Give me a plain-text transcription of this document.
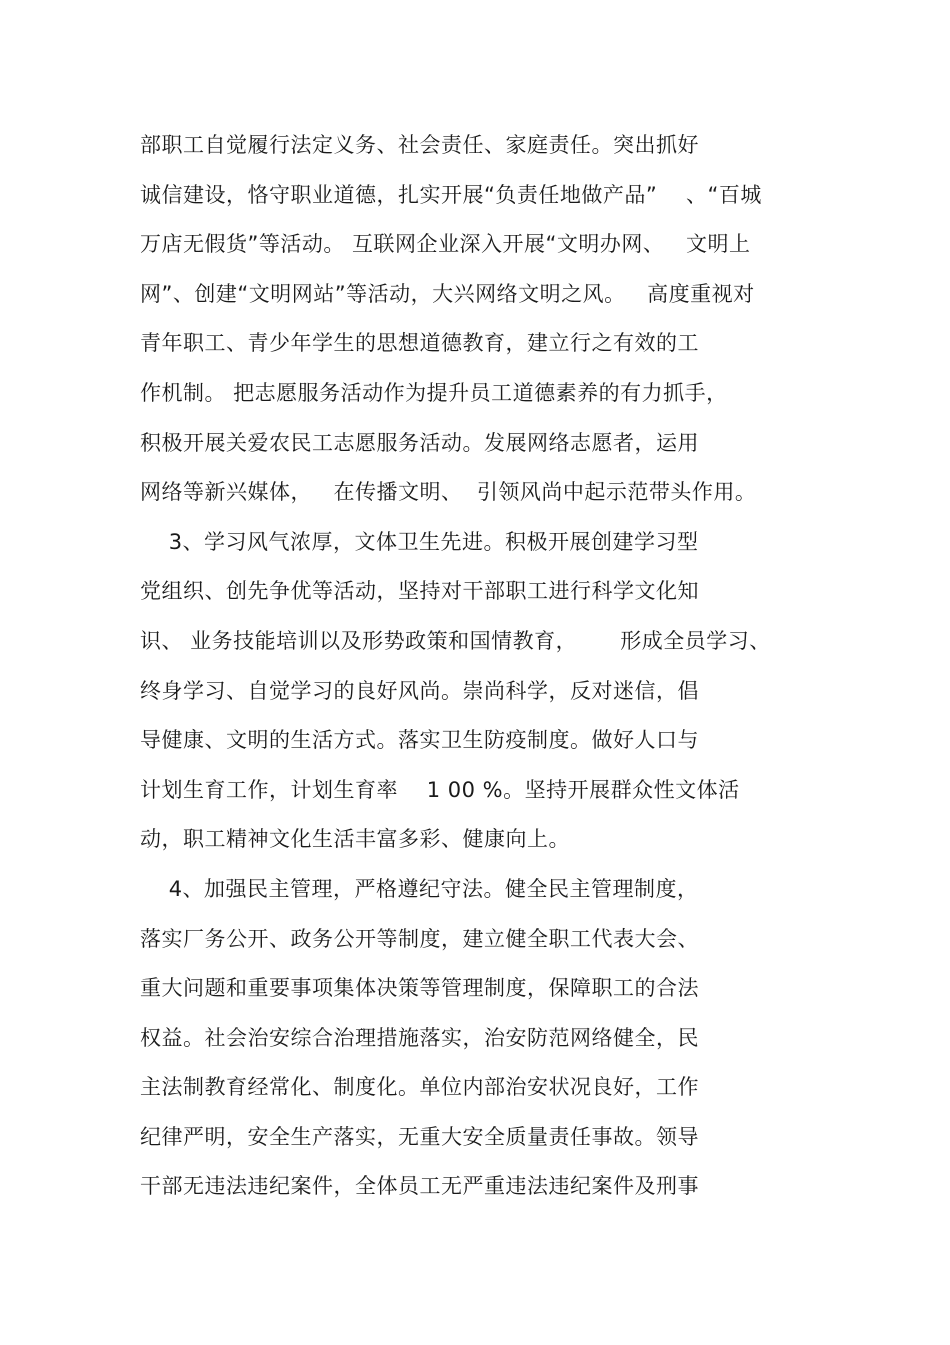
部职工自觉履行法定义务、社会责任、家庭责任。突出抓好
诚信建设，恪守职业道德，扎实开展“负责任地做产品”    、“百城
万店无假货”等活动。 互联网企业深入开展“文明办网、   文明上
网”、创建“文明网站”等活动，大兴网络文明之风。   高度重视对
青年职工、青少年学生的思想道德教育，建立行之有效的工
作机制。 把志愿服务活动作为提升员工道德素养的有力抓手，
积极开展关爱农民工志愿服务活动。发展网络志愿者，运用
网络等新兴媒体，   在传播文明、  引领风尚中起示范带头作用。
3、学习风气浓厚，文体卫生先进。积极开展创建学习型
党组织、创先争优等活动，坚持对干部职工进行科学文化知
识、 业务技能培训以及形势政策和国情教育，      形成全员学习、
终身学习、自觉学习的良好风尚。崇尚科学，反对迷信，倡
导健康、文明的生活方式。落实卫生防疫制度。做好人口与
计划生育工作，计划生育率    1 00 %。坚持开展群众性文体活
动，职工精神文化生活丰富多彩、健康向上。
4、加强民主管理，严格遵纪守法。健全民主管理制度，
落实厂务公开、政务公开等制度，建立健全职工代表大会、
重大问题和重要事项集体决策等管理制度，保障职工的合法
权益。社会治安综合治理措施落实，治安防范网络健全，民
主法制教育经常化、制度化。单位内部治安状况良好，工作
纪律严明，安全生产落实，无重大安全质量责任事故。领导
干部无违法违纪案件，全体员工无严重违法违纪案件及刑事
